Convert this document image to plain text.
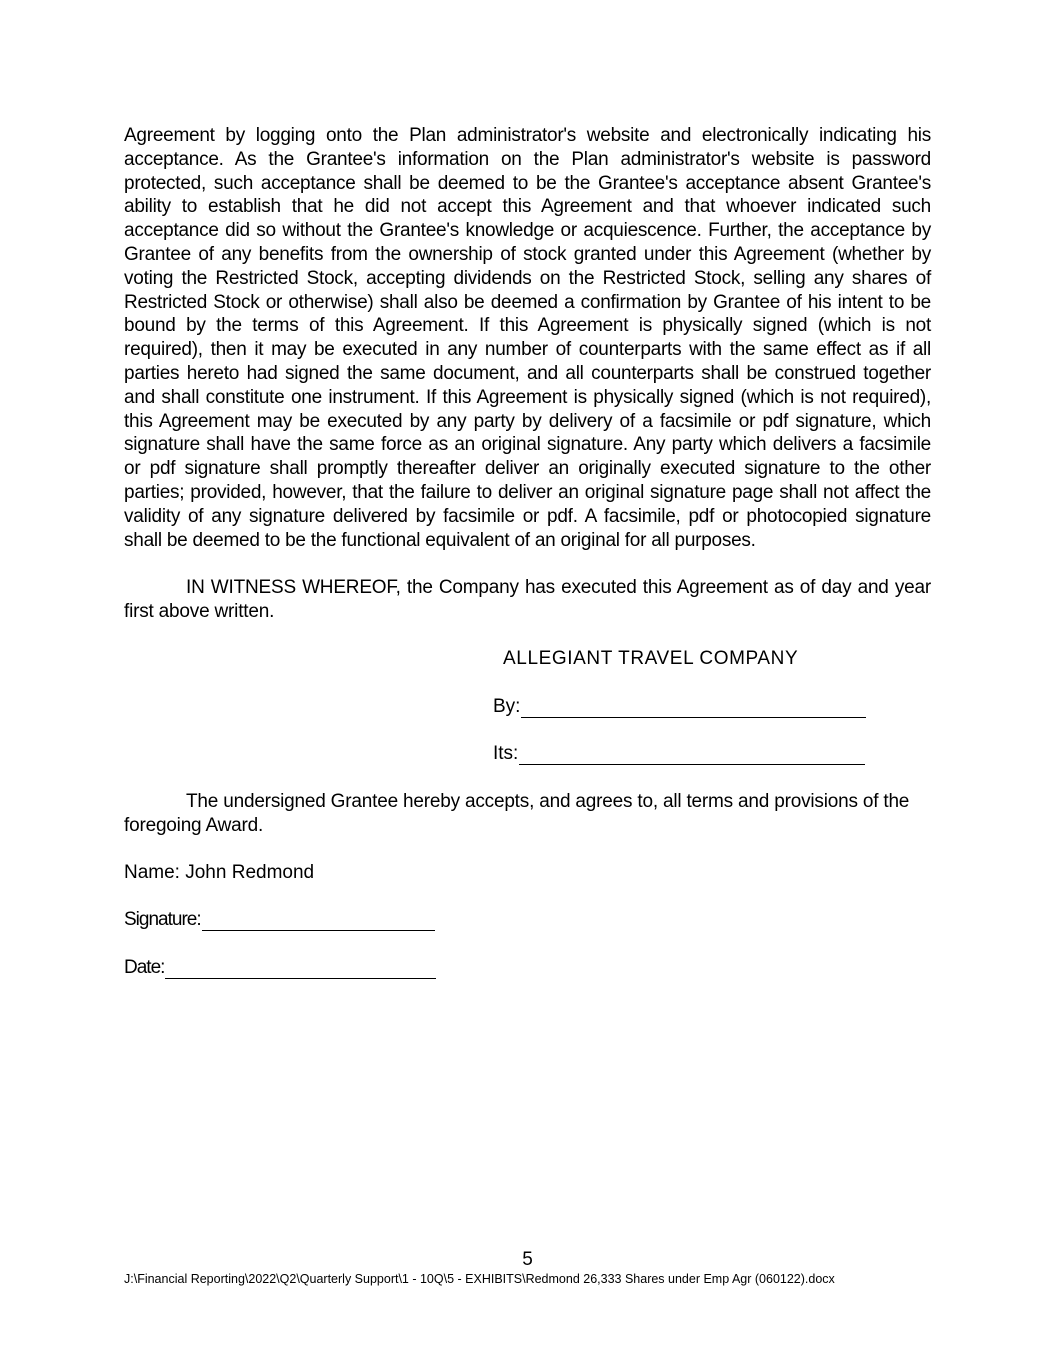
Agreement by logging onto the Plan administrator's website and electronically indicating his acceptance. As the Grantee's information on the Plan administrator's website is password protected, such acceptance shall be deemed to be the Grantee's acceptance absent Grantee's ability to establish that he did not accept this Agreement and that whoever indicated such acceptance did so without the Grantee's knowledge or acquiescence. Further, the acceptance by Grantee of any benefits from the ownership of stock granted under this Agreement (whether by voting the Restricted Stock, accepting dividends on the Restricted Stock, selling any shares of Restricted Stock or otherwise) shall also be deemed a confirmation by Grantee of his intent to be bound by the terms of this Agreement. If this Agreement is physically signed (which is not required), then it may be executed in any number of counterparts with the same effect as if all parties hereto had signed the same document, and all counterparts shall be construed together and shall constitute one instrument. If this Agreement is physically signed (which is not required), this Agreement may be executed by any party by delivery of a facsimile or pdf signature, which signature shall have the same force as an original signature. Any party which delivers a facsimile or pdf signature shall promptly thereafter deliver an originally executed signature to the other parties; provided, however, that the failure to deliver an original signature page shall not affect the validity of any signature delivered by facsimile or pdf. A facsimile, pdf or photocopied signature shall be deemed to be the functional equivalent of an original for all purposes.
IN WITNESS WHEREOF, the Company has executed this Agreement as of day and year first above written.
ALLEGIANT TRAVEL COMPANY
By:
Its:
The undersigned Grantee hereby accepts, and agrees to, all terms and provisions of the foregoing Award.
Name: John Redmond
Signature:
Date:
5
J:\Financial Reporting\2022\Q2\Quarterly Support\1 - 10Q\5 - EXHIBITS\Redmond 26,333 Shares under Emp Agr (060122).docx
